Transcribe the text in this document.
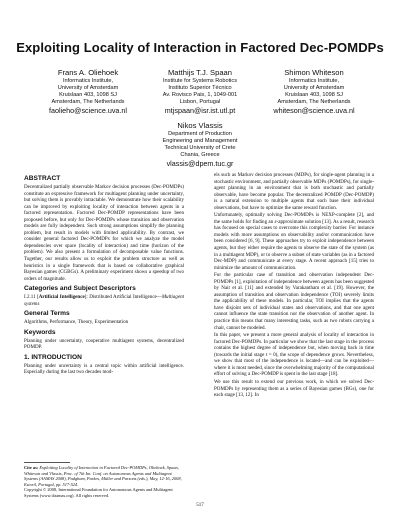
Exploiting Locality of Interaction in Factored Dec-POMDPs
Frans A. Oliehoek
Informatics Institute,
University of Amsterdam
Kruislaan 403, 1098 SJ
Amsterdam, The Netherlands
faolieho@science.uva.nl
Matthijs T.J. Spaan
Institute for Systems Robotics
Instituto Superior Técnico
Av. Rovisco Pais, 1, 1049-001
Lisbon, Portugal
mtjspaan@isr.ist.utl.pt
Shimon Whiteson
Informatics Institute,
University of Amsterdam
Kruislaan 403, 1098 SJ
Amsterdam, The Netherlands
whiteson@science.uva.nl
Nikos Vlassis
Department of Production
Engineering and Management
Technical University of Crete
Chania, Greece
vlassis@dpem.tuc.gr
ABSTRACT

Decentralized partially observable Markov decision processes (Dec-POMDPs) constitute an expressive framework for multiagent planning under uncertainty, but solving them is provably intractable. We demonstrate how their scalability can be improved by exploiting locality of interaction between agents in a factored representation. Factored Dec-POMDP representations have been proposed before, but only for Dec-POMDPs whose transition and observation models are fully independent. Such strong assumptions simplify the planning problem, but result in models with limited applicability. By contrast, we consider general factored Dec-POMDPs for which we analyze the model dependencies over space (locality of interaction) and time (horizon of the problem). We also present a formulation of decomposable value functions. Together, our results allow us to exploit the problem structure as well as heuristics in a single framework that is based on collaborative graphical Bayesian games (CGBGs). A preliminary experiment shows a speedup of two orders of magnitude.

Categories and Subject Descriptors

I.2.11 [Artificial Intelligence]: Distributed Artificial Intelligence—Multiagent systems

General Terms

Algorithms, Performance, Theory, Experimentation

Keywords

Planning under uncertainty, cooperative multiagent systems, decentralized POMDP.

1. INTRODUCTION

Planning under uncertainty is a central topic within artificial intelligence. Especially during the last two decades mod-

Cite as: Exploiting Locality of Interaction in Factored Dec-POMDPs, Oliehoek, Spaan, Whiteson and Vlassis, Proc. of 7th Int. Conf. on Autonomous Agents and Multiagent Systems (AAMAS 2008), Padgham, Parkes, Müller and Parsons (eds.), May, 12-16, 2008, Estoril, Portugal, pp. 517-524.
Copyright © 2008, International Foundation for Autonomous Agents and Multiagent Systems (www.ifaamas.org). All rights reserved.

els such as Markov decision processes (MDPs), for single-agent planning in a stochastic environment, and partially observable MDPs (POMDPs), for single-agent planning in an environment that is both stochastic and partially observable, have become popular. The decentralized POMDP (Dec-POMDP) is a natural extension to multiple agents that each base their individual observations, but have to optimize the same reward function.

Unfortunately, optimally solving Dec-POMDPs is NEXP-complete [2], and the same holds for finding an ε-approximate solution [13]. As a result, research has focused on special cases to overcome this complexity barrier. For instance models with more assumptions on observability and/or communication have been considered [6, 9]. These approaches try to exploit independence between agents, but they either require the agents to observe the state of the system (as in a multiagent MDP), or to observe a subset of state variables (as in a factored Dec-MDP) and communicate at every stage. A recent approach [15] tries to minimize the amount of communication.

For the particular case of transition and observation independent Dec-POMDPs [1], exploitation of independence between agents has been suggested by Nair et al. [11] and extended by Varakantham et al. [19]. However, the assumption of transition and observation independence (TOI) severely limits the applicability of these models. In particular, TOI implies that the agents have disjoint sets of individual states and observations, and that one agent cannot influence the state transition nor the observation of another agent. In practice this means that many interesting tasks, such as two robots carrying a chair, cannot be modeled.

In this paper, we present a more general analysis of locality of interaction in factored Dec-POMDPs. In particular we show that the last stage in the process contains the highest degree of independence but, when moving back in time (towards the initial stage t = 0), the scope of dependence grows. Nevertheless, we show that most of the independence is located—and can be exploited—where it is most needed, since the overwhelming majority of the computational effort of solving a Dec-POMDP is spent in the last stage [18].

We use this result to extend our previous work, in which we solved Dec-POMDPs by representing them as a series of Bayesian games (BGs), one for each stage [13, 12]. In

517
